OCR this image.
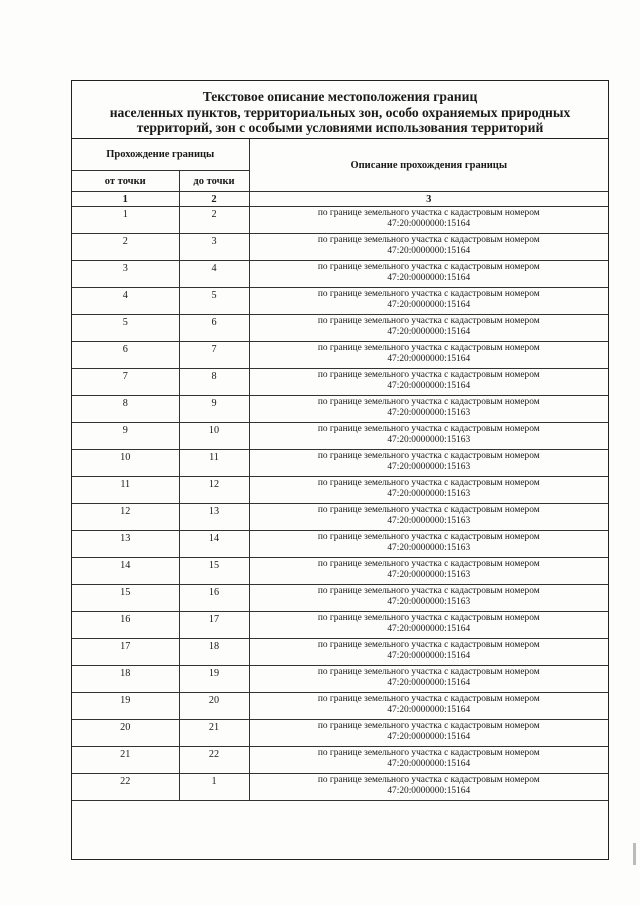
Текстовое описание местоположения границ
населенных пунктов, территориальных зон, особо охраняемых природных
территорий, зон с особыми условиями использования территорий
Прохождение границы		Описание прохождения границы
от точки	до точки	
1	2	3
1	2	по границе земельного участка с кадастровым номером
47:20:0000000:15164

2	3	по границе земельного участка с кадастровым номером
47:20:0000000:15164

3	4	по границе земельного участка с кадастровым номером
47:20:0000000:15164

4	5	по границе земельного участка с кадастровым номером
47:20:0000000:15164

5	6	по границе земельного участка с кадастровым номером
47:20:0000000:15164

6	7	по границе земельного участка с кадастровым номером
47:20:0000000:15164

7	8	по границе земельного участка с кадастровым номером
47:20:0000000:15164

8	9	по границе земельного участка с кадастровым номером
47:20:0000000:15163

9	10	по границе земельного участка с кадастровым номером
47:20:0000000:15163

10	11	по границе земельного участка с кадастровым номером
47:20:0000000:15163

11	12	по границе земельного участка с кадастровым номером
47:20:0000000:15163

12	13	по границе земельного участка с кадастровым номером
47:20:0000000:15163

13	14	по границе земельного участка с кадастровым номером
47:20:0000000:15163

14	15	по границе земельного участка с кадастровым номером
47:20:0000000:15163

15	16	по границе земельного участка с кадастровым номером
47:20:0000000:15163

16	17	по границе земельного участка с кадастровым номером
47:20:0000000:15164

17	18	по границе земельного участка с кадастровым номером
47:20:0000000:15164

18	19	по границе земельного участка с кадастровым номером
47:20:0000000:15164

19	20	по границе земельного участка с кадастровым номером
47:20:0000000:15164

20	21	по границе земельного участка с кадастровым номером
47:20:0000000:15164

21	22	по границе земельного участка с кадастровым номером
47:20:0000000:15164

22	1	по границе земельного участка с кадастровым номером
47:20:0000000:15164
